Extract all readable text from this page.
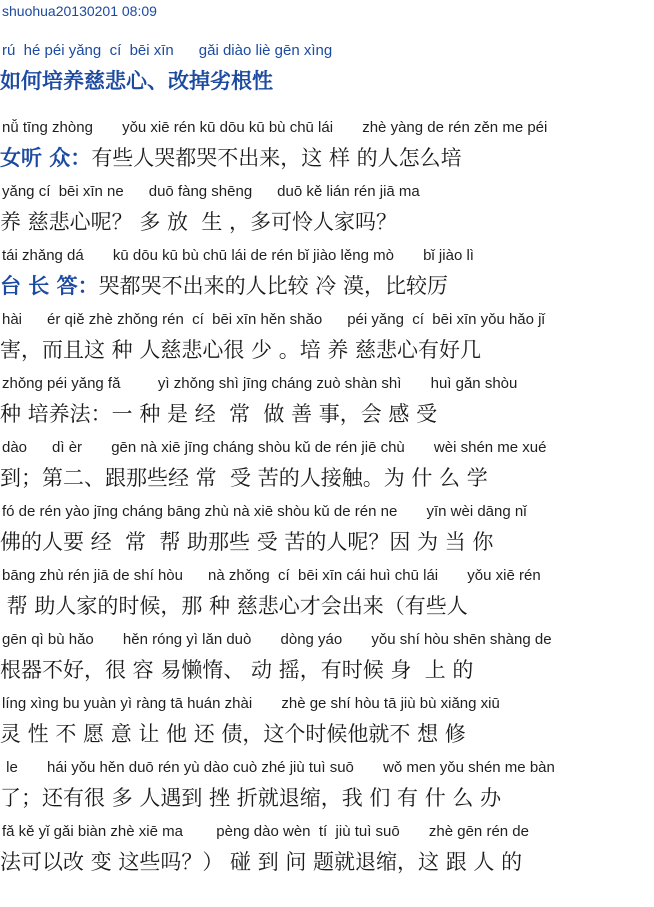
shuohua20130201 08:09
rú  hé péi yǎng  cí  bēi xīn      gǎi diào liè gēn xìng
如何培养慈悲心、改掉劣根性
nǚ tīng zhòng       yǒu xiē rén kū dōu kū bù chū lái       zhè yàng de rén zěn me péi
女听 众：有些人哭都哭不出来，这 样 的人怎么培
yǎng cí  bēi xīn ne      duō fàng shēng      duō kě lián rén jiā ma
养 慈悲心呢？ 多 放  生 ，多可怜人家吗？
tái zhǎng dá       kū dōu kū bù chū lái de rén bǐ jiào lěng mò       bǐ jiào lì
台 长 答：哭都哭不出来的人比较 冷 漠，比较厉
hài      ér qiě zhè zhǒng rén  cí  bēi xīn hěn shǎo      péi yǎng  cí  bēi xīn yǒu hǎo jǐ
害，而且这 种 人慈悲心很 少 。培 养 慈悲心有好几
zhǒng péi yǎng fǎ         yì zhǒng shì jīng cháng zuò shàn shì       huì gǎn shòu
种 培养法：一 种 是 经  常  做 善 事，会 感 受
dào      dì èr       gēn nà xiē jīng cháng shòu kǔ de rén jiē chù       wèi shén me xué
到；第二、跟那些经 常  受 苦的人接触。为 什 么 学
fó de rén yào jīng cháng bāng zhù nà xiē shòu kǔ de rén ne       yīn wèi dāng nǐ
佛的人要 经  常  帮 助那些 受 苦的人呢？因 为 当 你
bāng zhù rén jiā de shí hòu      nà zhǒng  cí  bēi xīn cái huì chū lái       yǒu xiē rén
帮 助人家的时候，那 种 慈悲心才会出来（有些人
gēn qì bù hǎo       hěn róng yì lǎn duò       dòng yáo       yǒu shí hòu shēn shàng de
根器不好，很 容 易懒惰、 动 摇，有时候 身  上 的
líng xìng bu yuàn yì ràng tā huán zhài       zhè ge shí hòu tā jiù bù xiǎng xiū
灵 性 不 愿 意 让 他 还 债，这个时候他就不 想 修
le       hái yǒu hěn duō rén yù dào cuò zhé jiù tuì suō       wǒ men yǒu shén me bàn
了；还有很 多 人遇到 挫 折就退缩，我 们 有 什 么 办
fǎ kě yǐ gǎi biàn zhè xiē ma        pèng dào wèn  tí  jiù tuì suō       zhè gēn rén de
法可以改 变 这些吗？） 碰 到 问 题就退缩，这 跟 人 的
